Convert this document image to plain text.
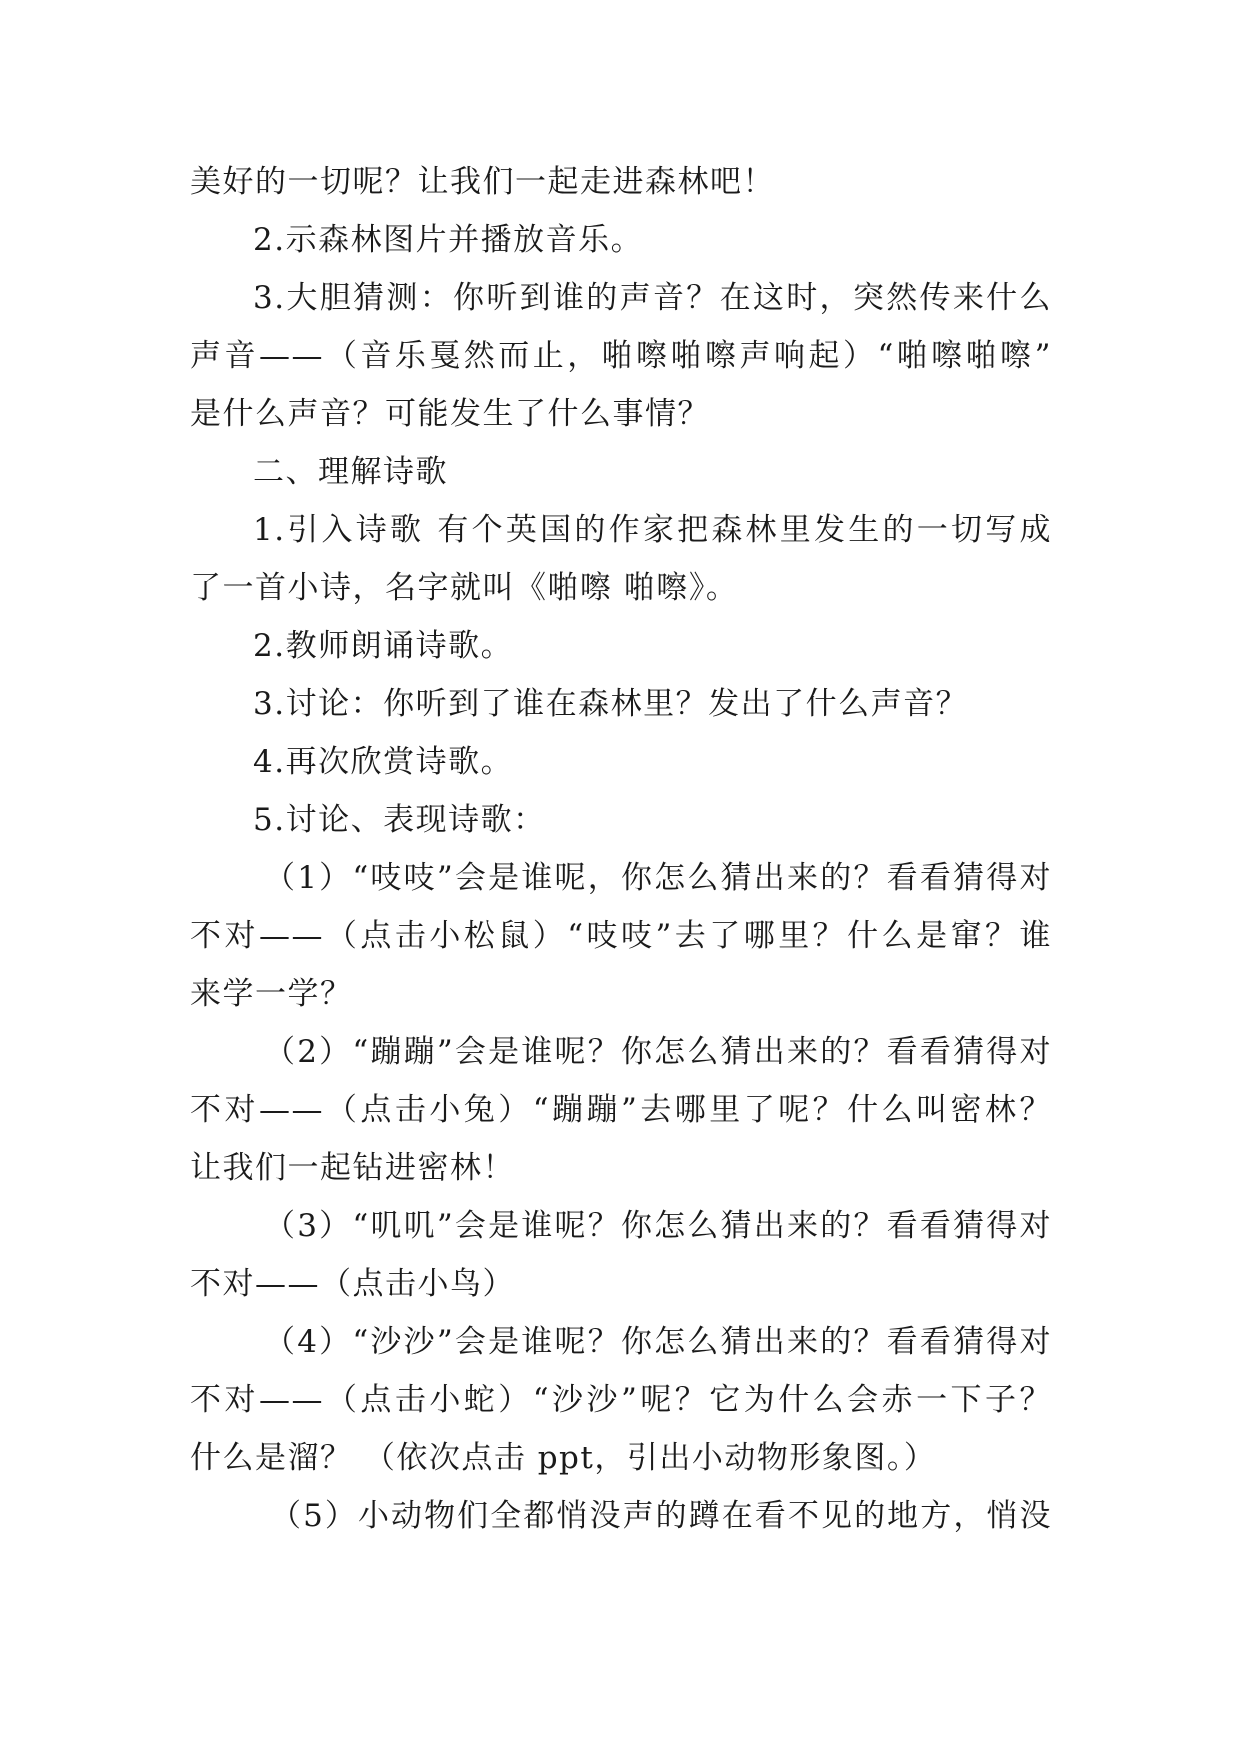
美好的一切呢？让我们一起走进森林吧！
2.示森林图片并播放音乐。
3.大胆猜测：你听到谁的声音？在这时，突然传来什么
声音——（音乐戛然而止，啪嚓啪嚓声响起）“啪嚓啪嚓”
是什么声音？可能发生了什么事情？
二、理解诗歌
1.引入诗歌 有个英国的作家把森林里发生的一切写成
了一首小诗，名字就叫《啪嚓 啪嚓》。
2.教师朗诵诗歌。
3.讨论：你听到了谁在森林里？发出了什么声音？
4.再次欣赏诗歌。
5.讨论、表现诗歌：
（1）“吱吱”会是谁呢，你怎么猜出来的？看看猜得对
不对——（点击小松鼠）“吱吱”去了哪里？什么是窜？谁
来学一学？
（2）“蹦蹦”会是谁呢？你怎么猜出来的？看看猜得对
不对——（点击小兔）“蹦蹦”去哪里了呢？什么叫密林？
让我们一起钻进密林！
（3）“叽叽”会是谁呢？你怎么猜出来的？看看猜得对
不对——（点击小鸟）
（4）“沙沙”会是谁呢？你怎么猜出来的？看看猜得对
不对——（点击小蛇）“沙沙”呢？它为什么会赤一下子？
什么是溜？ （依次点击 ppt，引出小动物形象图。）
（5）小动物们全都悄没声的蹲在看不见的地方，悄没
